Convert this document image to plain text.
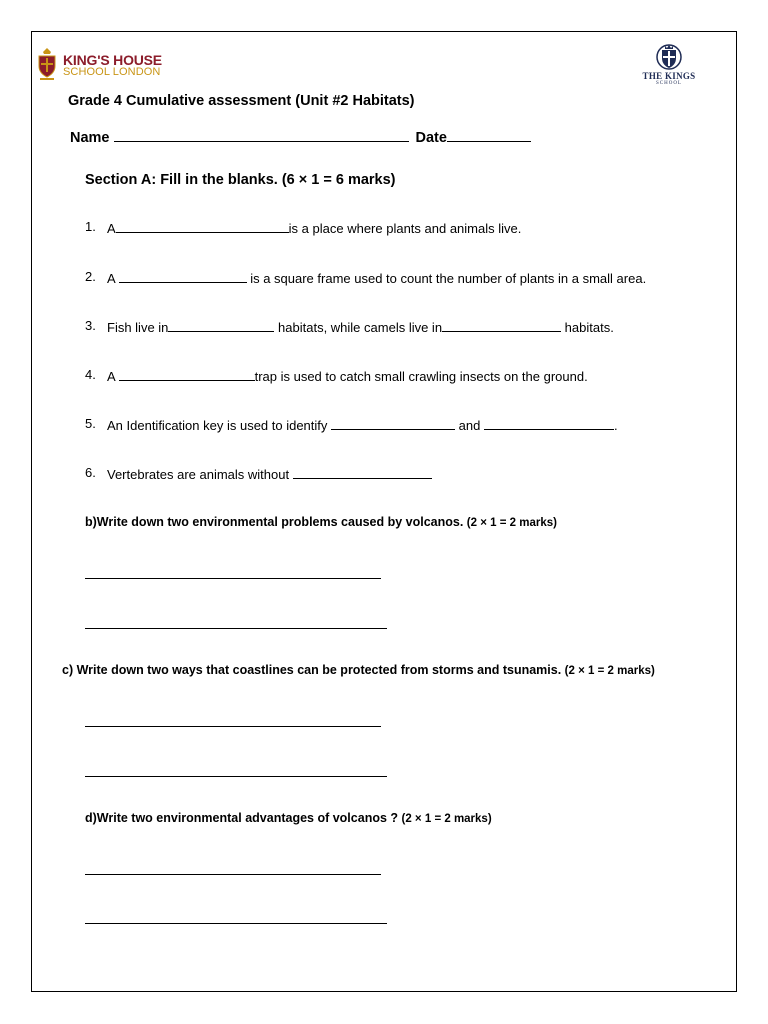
KING'S HOUSE
SCHOOL LONDON	THE KINGS
SCHOOL
Grade 4 Cumulative assessment (Unit #2 Habitats)
Name	Date
Section A: Fill in the blanks. (6 × 1 = 6 marks)
1. A	is a place where plants and animals live.
2. A	is a square frame used to count the number of plants in a small area.
3. Fish live in	habitats, while camels live in	habitats.
4. A	trap is used to catch small crawling insects on the ground.
5. An Identification key is used to identify	and	.
6. Vertebrates are animals without
b)Write down two environmental problems caused by volcanos. (2 × 1 = 2 marks)
c) Write down two ways that coastlines can be protected from storms and tsunamis. (2 × 1 = 2 marks)
d)Write two environmental advantages of volcanos ? (2 × 1 = 2 marks)
